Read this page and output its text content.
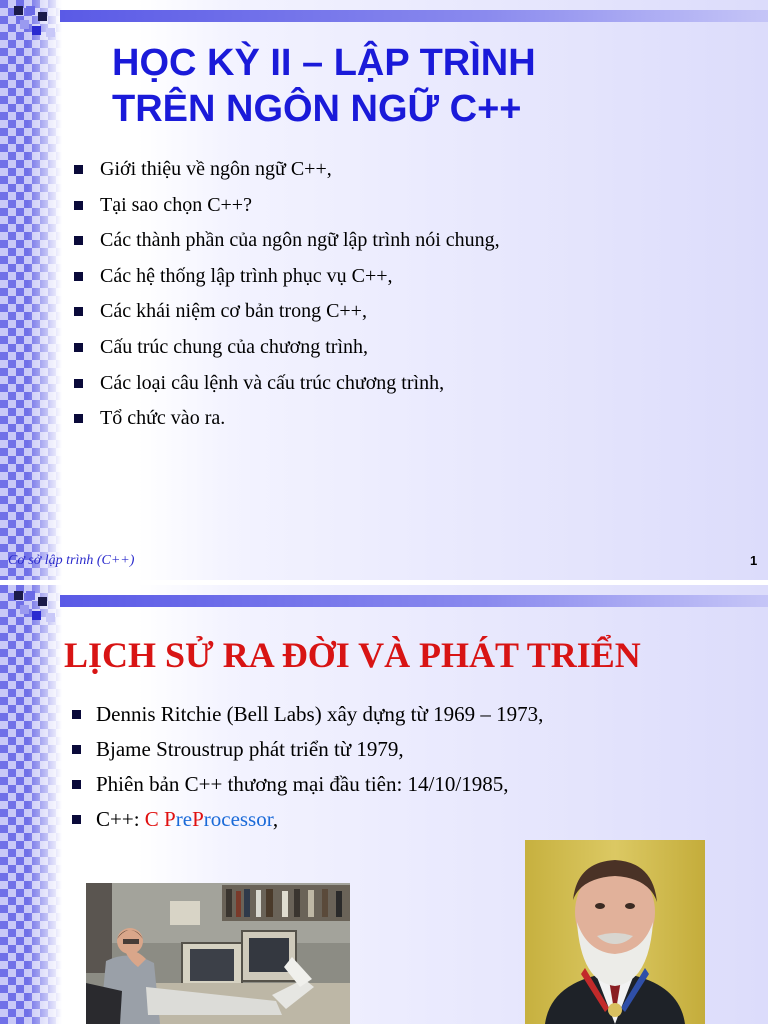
HỌC KỲ II – LẬP TRÌNH
TRÊN NGÔN NGỮ C++
Giới thiệu về ngôn ngữ C++,
Tại sao chọn C++?
Các thành phần của ngôn ngữ lập trình nói chung,
Các hệ thống lập trình phục vụ C++,
Các khái niệm cơ bản trong C++,
Cấu trúc chung của chương trình,
Các loại câu lệnh và cấu trúc chương trình,
Tổ chức vào ra.
Cơ sở lập trình (C++)	1
LỊCH SỬ RA ĐỜI VÀ PHÁT TRIỂN
Dennis Ritchie (Bell Labs) xây dựng từ 1969 – 1973,
Bjame Stroustrup phát triển từ 1979,
Phiên bản C++ thương mại đầu tiên: 14/10/1985,
C++: C PreProcessor,
